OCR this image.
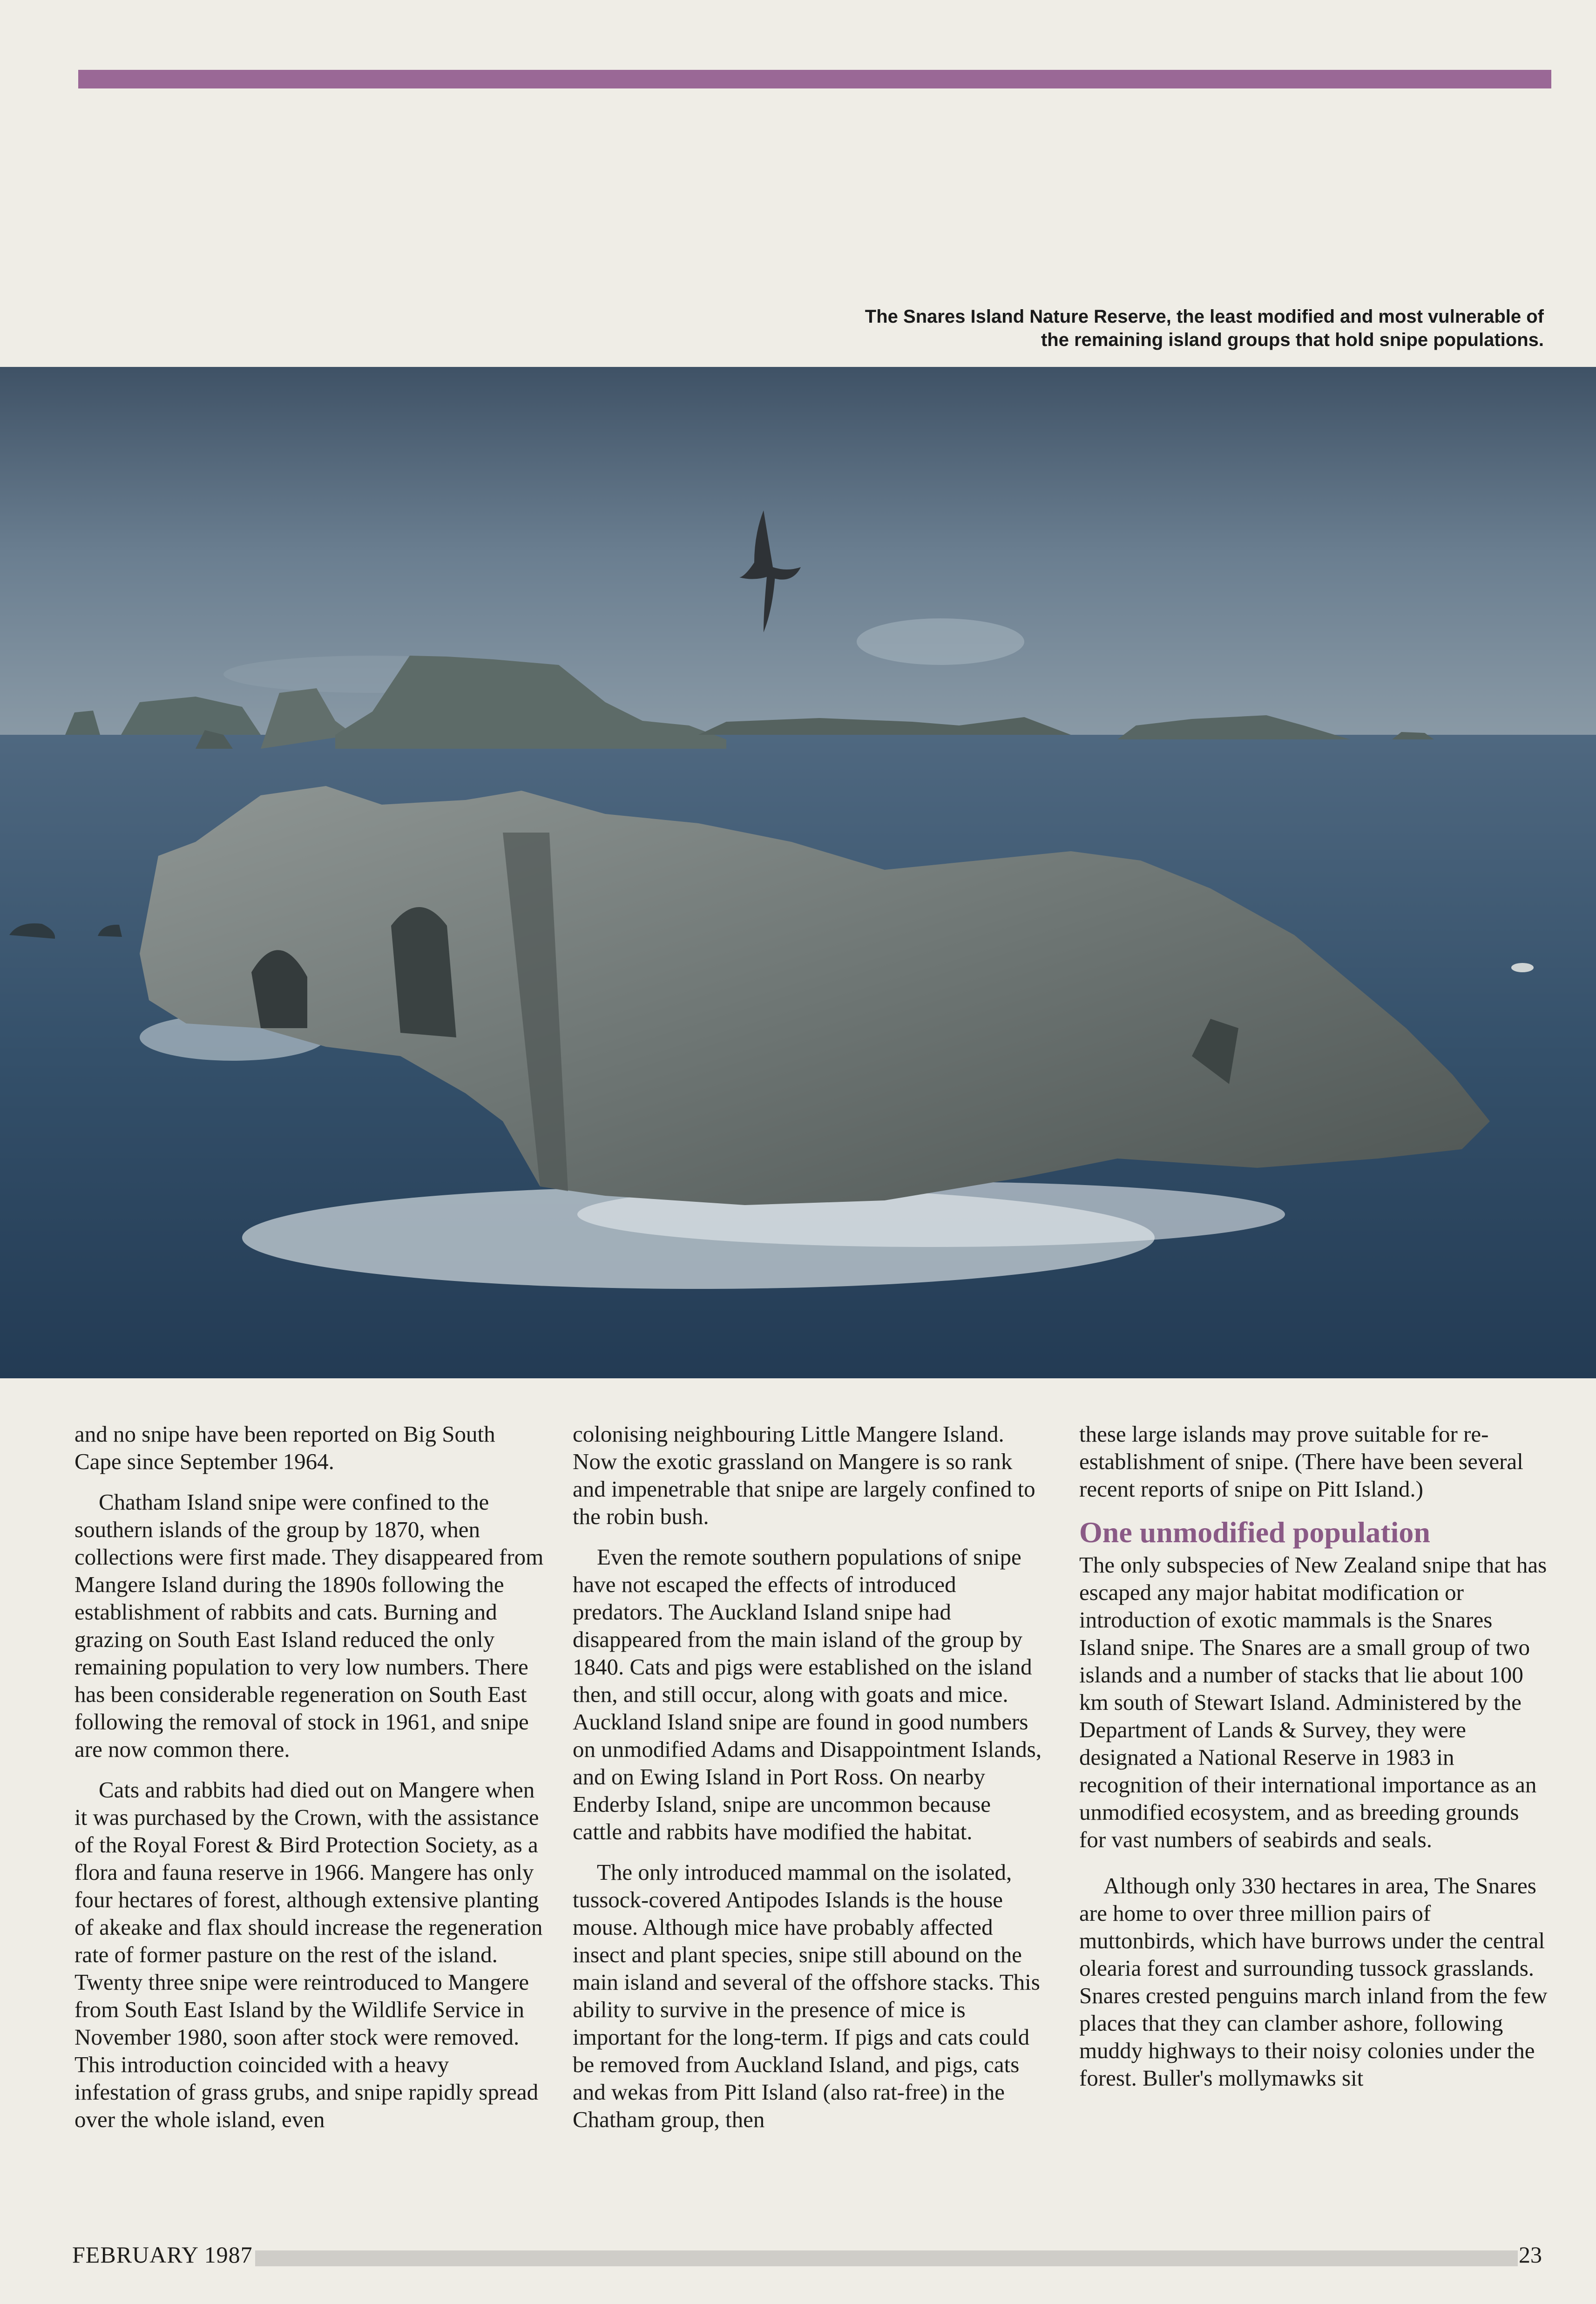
The Snares Island Nature Reserve, the least modified and most vulnerable of
the remaining island groups that hold snipe populations.

and no snipe have been reported on Big South Cape since September 1964.

Chatham Island snipe were confined to the southern islands of the group by 1870, when collections were first made. They disappeared from Mangere Island during the 1890s following the establishment of rabbits and cats. Burning and grazing on South East Island reduced the only remaining population to very low numbers. There has been considerable regeneration on South East following the removal of stock in 1961, and snipe are now common there.

Cats and rabbits had died out on Mangere when it was purchased by the Crown, with the assistance of the Royal Forest & Bird Protection Society, as a flora and fauna reserve in 1966. Mangere has only four hectares of forest, although extensive planting of akeake and flax should increase the regeneration rate of former pasture on the rest of the island. Twenty three snipe were reintroduced to Mangere from South East Island by the Wildlife Service in November 1980, soon after stock were removed. This introduction coincided with a heavy infestation of grass grubs, and snipe rapidly spread over the whole island, even

colonising neighbouring Little Mangere Island. Now the exotic grassland on Mangere is so rank and impenetrable that snipe are largely confined to the robin bush.

Even the remote southern populations of snipe have not escaped the effects of introduced predators. The Auckland Island snipe had disappeared from the main island of the group by 1840. Cats and pigs were established on the island then, and still occur, along with goats and mice. Auckland Island snipe are found in good numbers on unmodified Adams and Disappointment Islands, and on Ewing Island in Port Ross. On nearby Enderby Island, snipe are uncommon because cattle and rabbits have modified the habitat.

The only introduced mammal on the isolated, tussock-covered Antipodes Islands is the house mouse. Although mice have probably affected insect and plant species, snipe still abound on the main island and several of the offshore stacks. This ability to survive in the presence of mice is important for the long-term. If pigs and cats could be removed from Auckland Island, and pigs, cats and wekas from Pitt Island (also rat-free) in the Chatham group, then

these large islands may prove suitable for re-establishment of snipe. (There have been several recent reports of snipe on Pitt Island.)

One unmodified population

The only subspecies of New Zealand snipe that has escaped any major habitat modification or introduction of exotic mammals is the Snares Island snipe. The Snares are a small group of two islands and a number of stacks that lie about 100 km south of Stewart Island. Administered by the Department of Lands & Survey, they were designated a National Reserve in 1983 in recognition of their international importance as an unmodified ecosystem, and as breeding grounds for vast numbers of seabirds and seals.

Although only 330 hectares in area, The Snares are home to over three million pairs of muttonbirds, which have burrows under the central olearia forest and surrounding tussock grasslands. Snares crested penguins march inland from the few places that they can clamber ashore, following muddy highways to their noisy colonies under the forest. Buller's mollymawks sit

FEBRUARY 1987	23
